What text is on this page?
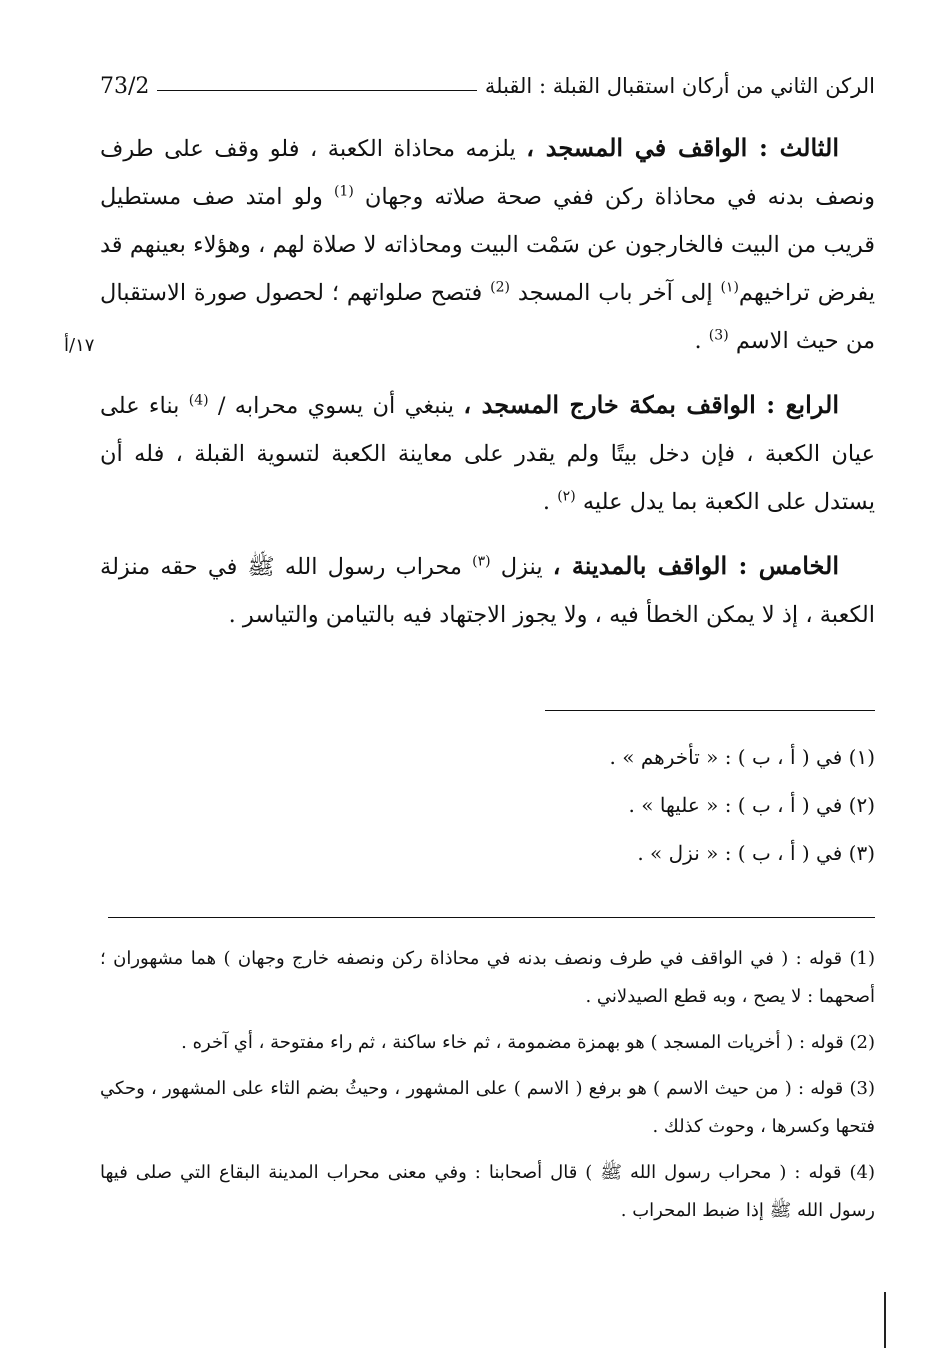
الركن الثاني من أركان استقبال القبلة : القبلة
73/2

الثالث : الواقف في المسجد ، يلزمه محاذاة الكعبة ، فلو وقف على طرف ونصف بدنه في محاذاة ركن ففي صحة صلاته وجهان $^{(1)}$ ولو امتد صف مستطيل قريب من البيت فالخارجون عن سَمْت البيت ومحاذاته لا صلاة لهم ، وهؤلاء بعينهم قد يفرض تراخيهم$^{(١)}$ إلى آخر باب المسجد $^{(2)}$ فتصح صلواتهم ؛ لحصول صورة الاستقبال من حيث الاسم $^{(3)}$ .

الرابع : الواقف بمكة خارج المسجد ، ينبغي أن يسوي محرابه / $^{(4)}$ بناء على عيان الكعبة ، فإن دخل بيتًا ولم يقدر على معاينة الكعبة لتسوية القبلة ، فله أن يستدل على الكعبة بما يدل عليه $^{(٢)}$ .

الخامس : الواقف بالمدينة ، ينزل $^{(٣)}$ محراب رسول الله ﷺ في حقه منزلة الكعبة ، إذ لا يمكن الخطأ فيه ، ولا يجوز الاجتهاد فيه بالتيامن والتياسر .

١٧/أ

(١) في ( أ ، ب ) : « تأخرهم » .

(٢) في ( أ ، ب ) : « عليها » .

(٣) في ( أ ، ب ) : « نزل » .

(1) قوله : ( في الواقف في طرف ونصف بدنه في محاذاة ركن ونصفه خارج وجهان ) هما مشهوران ؛ أصحهما : لا يصح ، وبه قطع الصيدلاني .

(2) قوله : ( أخريات المسجد ) هو بهمزة مضمومة ، ثم خاء ساكنة ، ثم راء مفتوحة ، أي آخره .

(3) قوله : ( من حيث الاسم ) هو برفع ( الاسم ) على المشهور ، وحيثُ بضم الثاء على المشهور ، وحكي فتحها وكسرها ، وحوث كذلك .

(4) قوله : ( محراب رسول الله ﷺ ) قال أصحابنا : وفي معنى محراب المدينة البقاع التي صلى فيها رسول الله ﷺ إذا ضبط المحراب .
